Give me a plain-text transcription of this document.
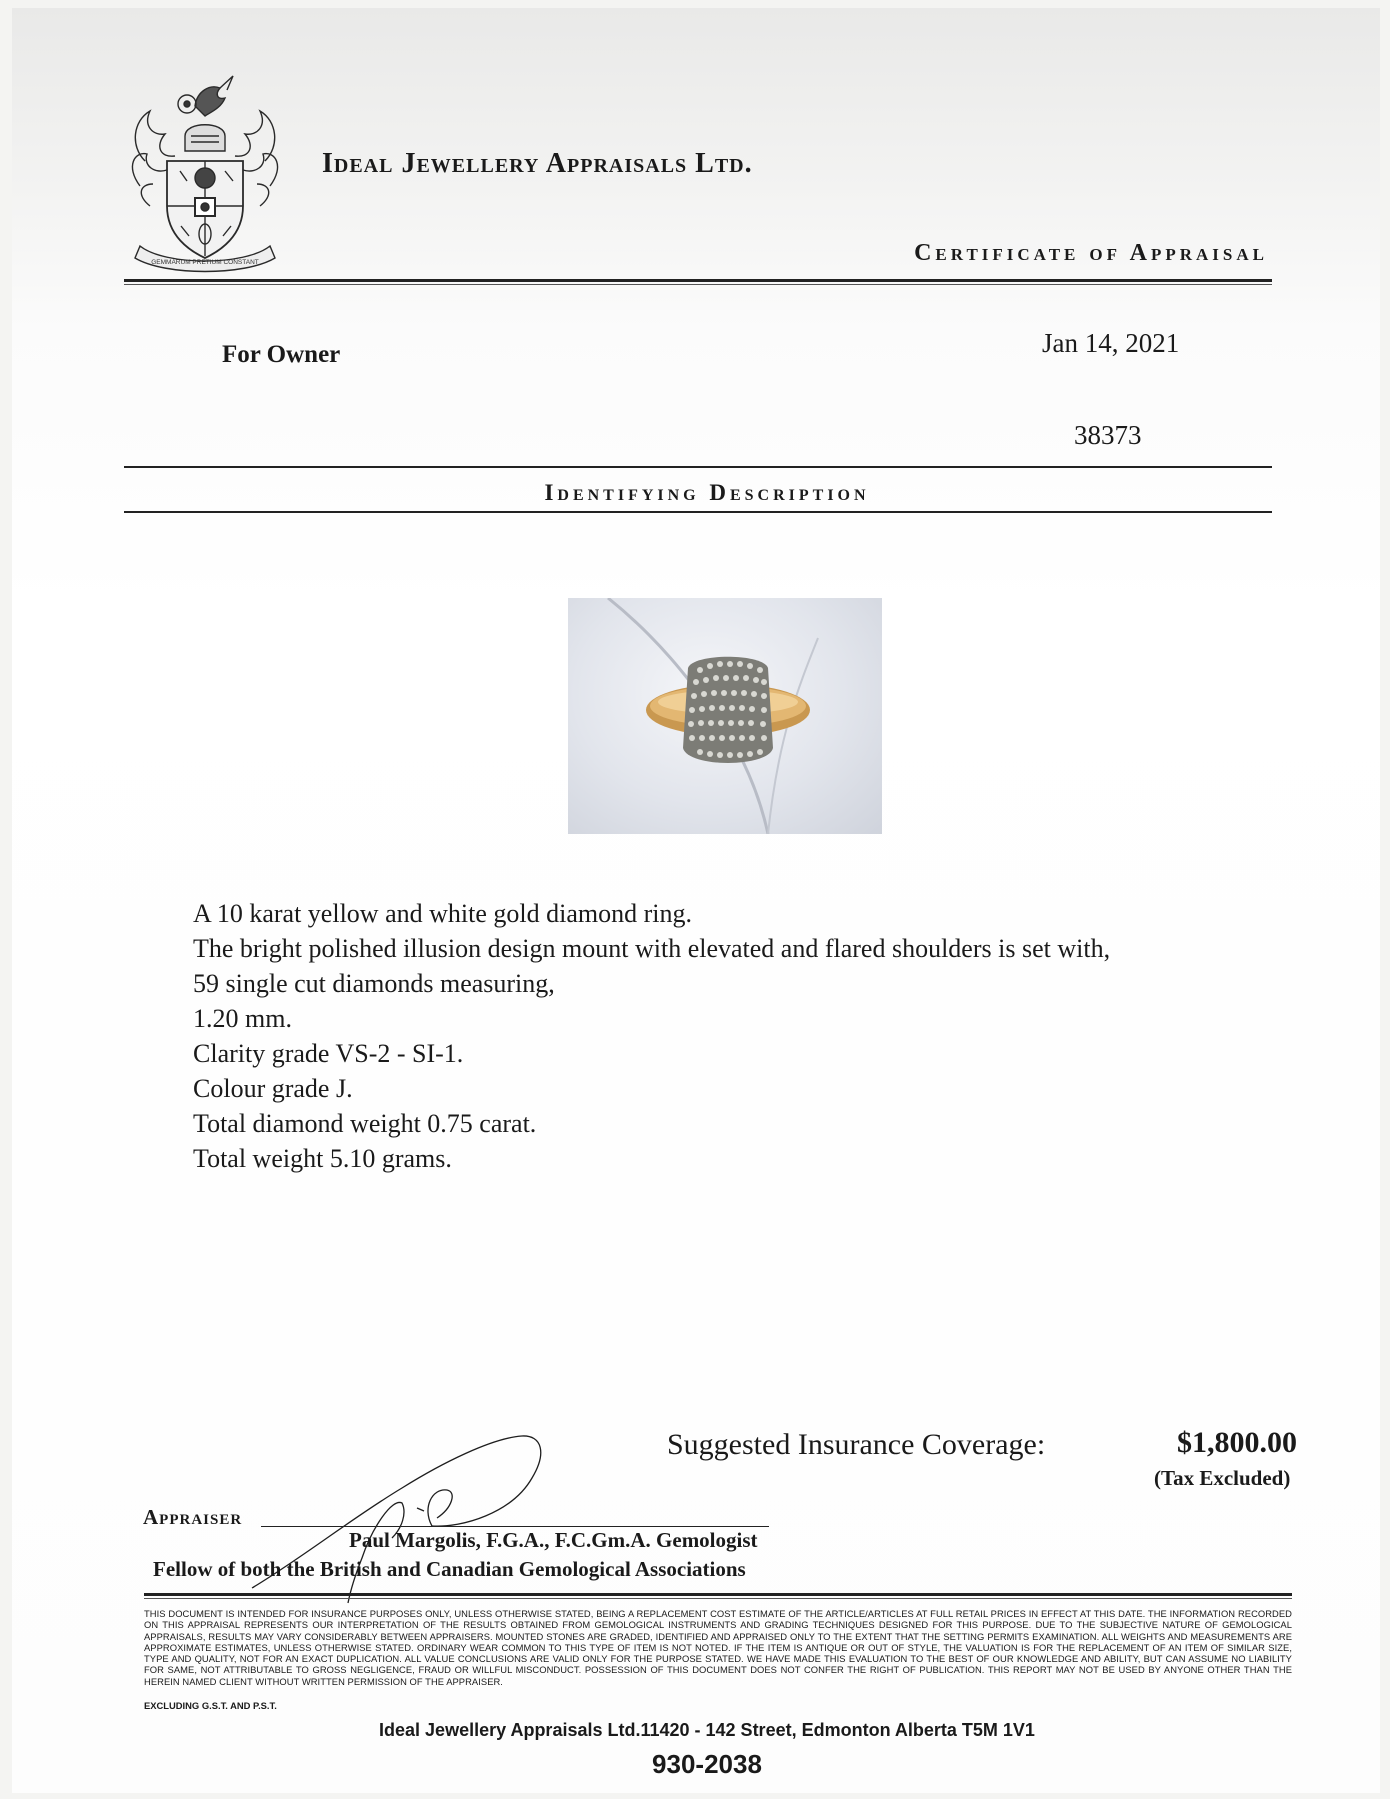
GEMMARUM PRETIUM CONSTANT
Ideal Jewellery Appraisals Ltd.
Certificate of Appraisal
For Owner	Jan 14, 2021
38373
Identifying Description
A 10 karat yellow and white gold diamond ring.
The bright polished illusion design mount with elevated and flared shoulders is set with,
59 single cut diamonds measuring,
1.20 mm.
Clarity grade VS-2 - SI-1.
Colour grade J.
Total diamond weight 0.75 carat.
Total weight 5.10 grams.
Suggested Insurance Coverage:	$1,800.00
(Tax Excluded)
Appraiser
Paul Margolis, F.G.A., F.C.Gm.A. Gemologist
Fellow of both the British and Canadian Gemological Associations
THIS DOCUMENT IS INTENDED FOR INSURANCE PURPOSES ONLY, UNLESS OTHERWISE STATED, BEING A REPLACEMENT COST ESTIMATE OF THE ARTICLE/ARTICLES AT FULL RETAIL PRICES IN EFFECT AT THIS DATE. THE INFORMATION RECORDED ON THIS APPRAISAL REPRESENTS OUR INTERPRETATION OF THE RESULTS OBTAINED FROM GEMOLOGICAL INSTRUMENTS AND GRADING TECHNIQUES DESIGNED FOR THIS PURPOSE. DUE TO THE SUBJECTIVE NATURE OF GEMOLOGICAL APPRAISALS, RESULTS MAY VARY CONSIDERABLY BETWEEN APPRAISERS. MOUNTED STONES ARE GRADED, IDENTIFIED AND APPRAISED ONLY TO THE EXTENT THAT THE SETTING PERMITS EXAMINATION. ALL WEIGHTS AND MEASUREMENTS ARE APPROXIMATE ESTIMATES, UNLESS OTHERWISE STATED. ORDINARY WEAR COMMON TO THIS TYPE OF ITEM IS NOT NOTED. IF THE ITEM IS ANTIQUE OR OUT OF STYLE, THE VALUATION IS FOR THE REPLACEMENT OF AN ITEM OF SIMILAR SIZE, TYPE AND QUALITY, NOT FOR AN EXACT DUPLICATION. ALL VALUE CONCLUSIONS ARE VALID ONLY FOR THE PURPOSE STATED. WE HAVE MADE THIS EVALUATION TO THE BEST OF OUR KNOWLEDGE AND ABILITY, BUT CAN ASSUME NO LIABILITY FOR SAME, NOT ATTRIBUTABLE TO GROSS NEGLIGENCE, FRAUD OR WILLFUL MISCONDUCT. POSSESSION OF THIS DOCUMENT DOES NOT CONFER THE RIGHT OF PUBLICATION. THIS REPORT MAY NOT BE USED BY ANYONE OTHER THAN THE HEREIN NAMED CLIENT WITHOUT WRITTEN PERMISSION OF THE APPRAISER.
EXCLUDING G.S.T. AND P.S.T.
Ideal Jewellery Appraisals Ltd.11420 - 142 Street, Edmonton Alberta T5M 1V1
930-2038
